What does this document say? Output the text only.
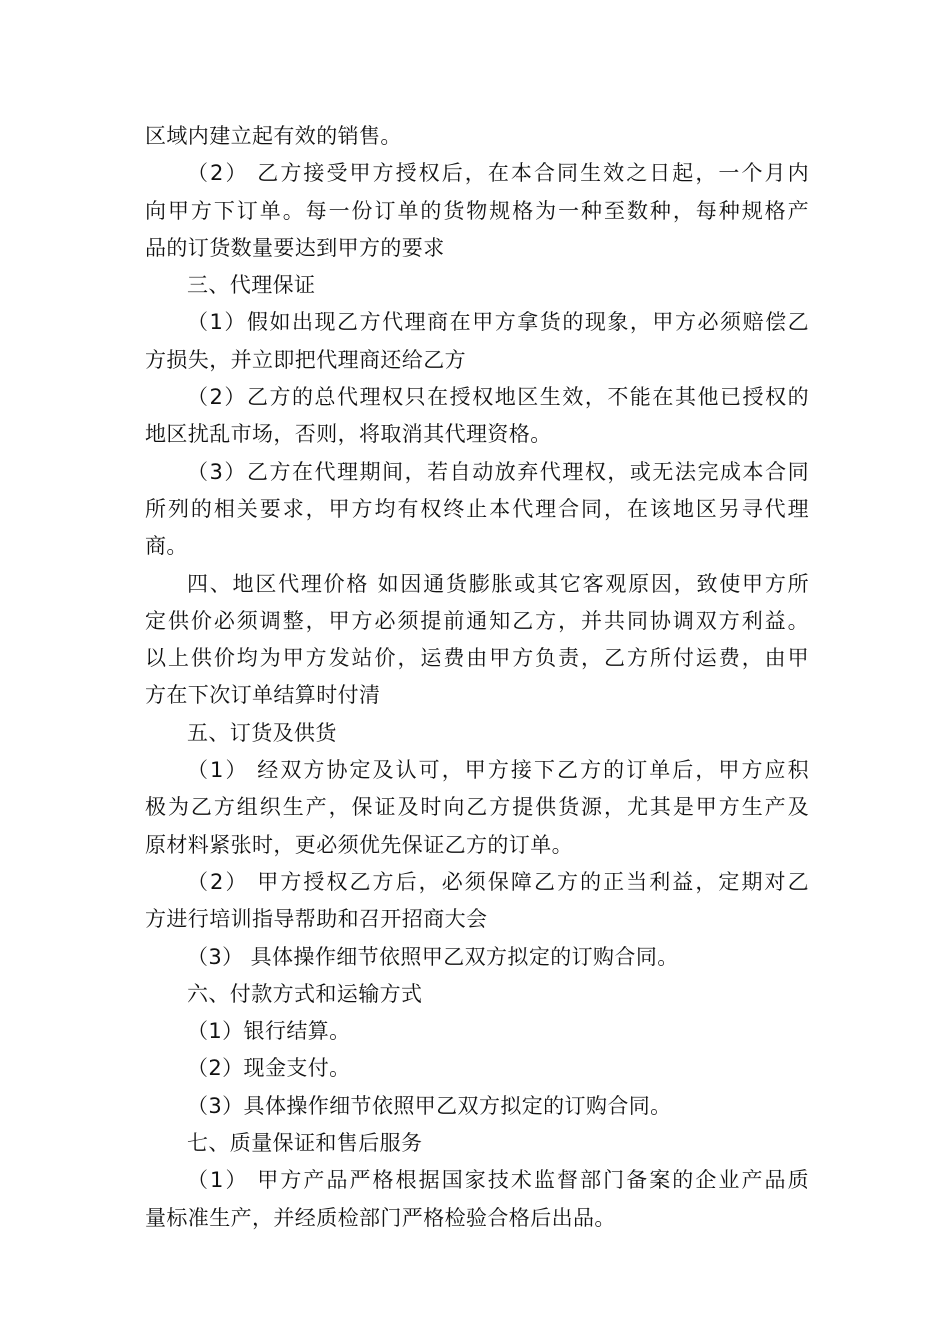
区域内建立起有效的销售。
（2） 乙方接受甲方授权后，在本合同生效之日起，一个月内
向甲方下订单。每一份订单的货物规格为一种至数种，每种规格产
品的订货数量要达到甲方的要求
三、代理保证
（1）假如出现乙方代理商在甲方拿货的现象，甲方必须赔偿乙
方损失，并立即把代理商还给乙方
（2）乙方的总代理权只在授权地区生效，不能在其他已授权的
地区扰乱市场，否则，将取消其代理资格。
（3）乙方在代理期间，若自动放弃代理权，或无法完成本合同
所列的相关要求，甲方均有权终止本代理合同，在该地区另寻代理
商。
四、地区代理价格 如因通货膨胀或其它客观原因，致使甲方所
定供价必须调整，甲方必须提前通知乙方，并共同协调双方利益。
以上供价均为甲方发站价，运费由甲方负责，乙方所付运费，由甲
方在下次订单结算时付清
五、订货及供货
（1） 经双方协定及认可，甲方接下乙方的订单后，甲方应积
极为乙方组织生产，保证及时向乙方提供货源，尤其是甲方生产及
原材料紧张时，更必须优先保证乙方的订单。
（2） 甲方授权乙方后，必须保障乙方的正当利益，定期对乙
方进行培训指导帮助和召开招商大会
（3） 具体操作细节依照甲乙双方拟定的订购合同。
六、付款方式和运输方式
（1）银行结算。
（2）现金支付。
（3）具体操作细节依照甲乙双方拟定的订购合同。
七、质量保证和售后服务
（1） 甲方产品严格根据国家技术监督部门备案的企业产品质
量标准生产，并经质检部门严格检验合格后出品。
